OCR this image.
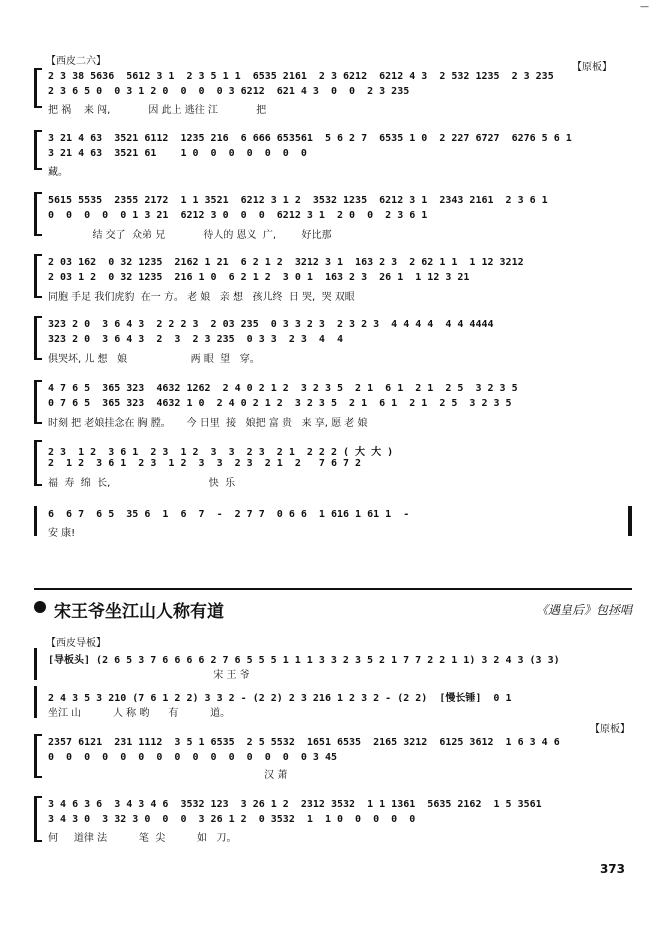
—
【西皮二六】
【原板】
2 3 38 5636  5612 3 1  2 3 5 1 1  6535 2161  2 3 6212  6212 4 3  2 532 1235  2 3 235
2 3 6 5 0  0 3 1 2 0  0  0  0 3 6212  621 4 3  0  0  2 3 235
把 祸    来 闯,            因 此上 逃往 江            把
3 21 4 63  3521 6112  1235 216  6 666 653561  5 6 2 7  6535 1 0  2 227 6727  6276 5 6 1
3 21 4 63  3521 61    1 0  0  0  0  0  0  0
藏。
5615 5535  2355 2172  1 1 3521  6212 3 1 2  3532 1235  6212 3 1  2343 2161  2 3 6 1
0  0  0  0  0 1 3 21  6212 3 0  0  0  6212 3 1  2 0  0  2 3 6 1
结 交了  众弟 兄            待人的 恩义  广,        好比那
2 03 162  0 32 1235  2162 1 21  6 2 1 2  3212 3 1  163 2 3  2 62 1 1  1 12 3212
2 03 1 2  0 32 1235  216 1 0  6 2 1 2  3 0 1  163 2 3  26 1  1 12 3 21
同胞 手足 我们虎豹  在一 方。 老 娘   亲 想   孩儿终  日 哭,  哭 双眼
323 2 0  3 6 4 3  2 2 2 3  2 03 235  0 3 3 2 3  2 3 2 3  4 4 4 4  4 4 4444
323 2 0  3 6 4 3  2  3  2 3 235  0 3 3  2 3  4  4
俱哭坏, 儿 想   娘                    两 眼  望   穿。
4 7 6 5  365 323  4632 1262  2 4 0 2 1 2  3 2 3 5  2 1  6 1  2 1  2 5  3 2 3 5
0 7 6 5  365 323  4632 1 0  2 4 0 2 1 2  3 2 3 5  2 1  6 1  2 1  2 5  3 2 3 5
时刻 把 老娘挂念在 胸 膛。     今 日里  接   娘把 富 贵   来 享, 愿 老 娘
2 3  1 2  3 6 1  2 3  1 2  3  3  2 3  2 1  2 2 2 ( 大 大 )
2  1 2  3 6 1  2 3  1 2  3  3  2 3  2 1  2   7 6 7 2
福  寿  绵  长,                               快  乐
6  6 7  6 5  35 6  1  6  7  -  2 7 7  0 6 6  1 616 1 61 1  -
安 康!
宋王爷坐江山人称有道	《遇皇后》包拯唱
【西皮导板】
[导板头] (2 6 5 3 7 6 6 6 6 2 7 6 5 5 5 1 1 1 3 3 2 3 5 2 1 7 7 2 2 1 1) 3 2 4 3 (3 3)
宋 王 爷
2 4 3 5 3 210 (7 6 1 2 2) 3 3 2 - (2 2) 2 3 216 1 2 3 2 - (2 2)  [慢长锤]  0 1
坐江 山          人 称 哟      有          道。
【原板】
2357 6121  231 1112  3 5 1 6535  2 5 5532  1651 6535  2165 3212  6125 3612  1 6 3 4 6
0  0  0  0  0  0  0  0  0  0  0  0  0  0  0 3 45
汉 萧
3 4 6 3 6  3 4 3 4 6  3532 123  3 26 1 2  2312 3532  1 1 1361  5635 2162  1 5 3561
3 4 3 0  3 32 3 0  0  0  3 26 1 2  0 3532  1  1 0  0  0  0  0
何     道律 法          笔  尖          如   刀。
373
